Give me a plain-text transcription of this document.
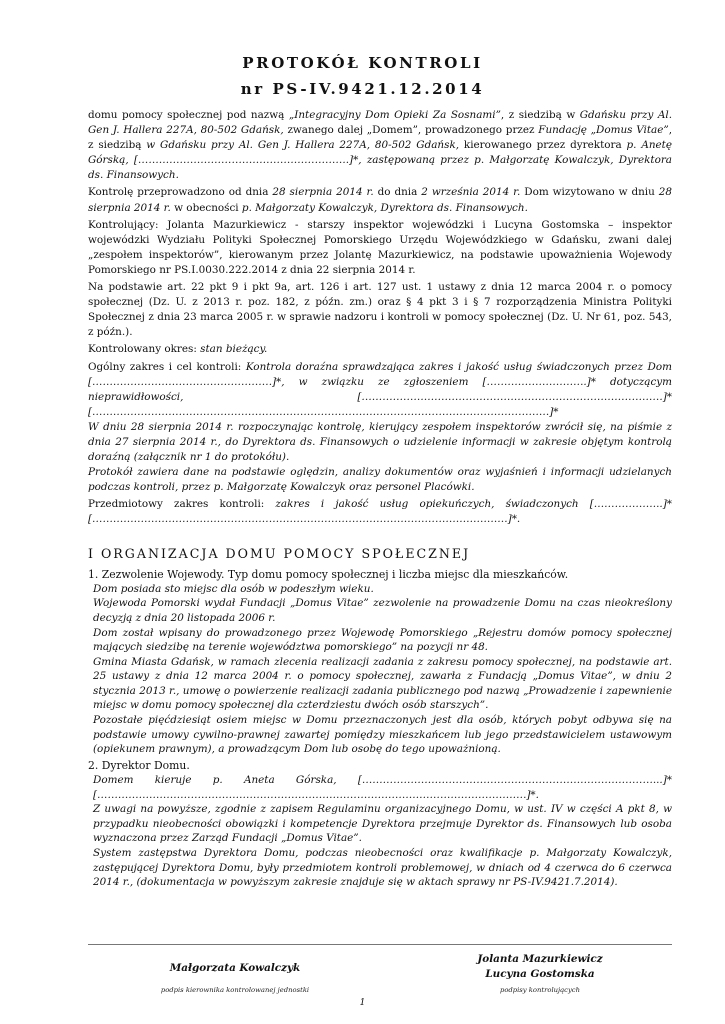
PROTOKÓŁ KONTROLI
nr PS-IV.9421.12.2014

domu pomocy społecznej pod nazwą „Integracyjny Dom Opieki Za Sosnami”, z siedzibą w Gdańsku przy Al. Gen J. Hallera 227A, 80-502 Gdańsk, zwanego dalej „Domem”, prowadzonego przez Fundację „Domus Vitae”, z siedzibą w Gdańsku przy Al. Gen J. Hallera 227A, 80-502 Gdańsk, kierowanego przez dyrektora p. Anetę Górską, […………………………………………………….]*, zastępowaną przez p. Małgorzatę Kowalczyk, Dyrektora ds. Finansowych.

Kontrolę przeprowadzono od dnia 28 sierpnia 2014 r. do dnia 2 września 2014 r. Dom wizytowano w dniu 28 sierpnia 2014 r. w obecności p. Małgorzaty Kowalczyk, Dyrektora ds. Finansowych.

Kontrolujący: Jolanta Mazurkiewicz - starszy inspektor wojewódzki i Lucyna Gostomska – inspektor wojewódzki Wydziału Polityki Społecznej Pomorskiego Urzędu Wojewódzkiego w Gdańsku, zwani dalej „zespołem inspektorów”, kierowanym przez Jolantę Mazurkiewicz, na podstawie upoważnienia Wojewody Pomorskiego nr PS.I.0030.222.2014 z dnia 22 sierpnia 2014 r.

Na podstawie art. 22 pkt 9 i pkt 9a, art. 126 i art. 127 ust. 1 ustawy z dnia 12 marca 2004 r. o pomocy społecznej (Dz. U. z 2013 r. poz. 182, z późn. zm.) oraz § 4 pkt 3 i § 7 rozporządzenia Ministra Polityki Społecznej z dnia 23 marca 2005 r. w sprawie nadzoru i kontroli w pomocy społecznej (Dz. U. Nr 61, poz. 543, z późn.).

Kontrolowany okres: stan bieżący.

Ogólny zakres i cel kontroli: Kontrola doraźna sprawdzająca zakres i jakość usług świadczonych przez Dom […………………………………………….]*, w związku ze zgłoszeniem [………………………..]* dotyczącym nieprawidłowości, [……………………………………………………………………………]* [……………………………………………………………………………………………………………………]*

W dniu 28 sierpnia 2014 r. rozpoczynając kontrolę, kierujący zespołem inspektorów zwrócił się, na piśmie z dnia 27 sierpnia 2014 r., do Dyrektora ds. Finansowych o udzielenie informacji w zakresie objętym kontrolą doraźną (załącznik nr 1 do protokółu).

Protokół zawiera dane na podstawie oględzin, analizy dokumentów oraz wyjaśnień i informacji udzielanych podczas kontroli, przez p. Małgorzatę Kowalczyk oraz personel Placówki.

Przedmiotowy zakres kontroli: zakres i jakość usług opiekuńczych, świadczonych [………………..]* […………………………………………………………………………………………………………]*.

I ORGANIZACJA DOMU POMOCY SPOŁECZNEJ

1. Zezwolenie Wojewody. Typ domu pomocy społecznej i liczba miejsc dla mieszkańców.

Dom posiada sto miejsc dla osób w podeszłym wieku.

Wojewoda Pomorski wydał Fundacji „Domus Vitae” zezwolenie na prowadzenie Domu na czas nieokreślony decyzją z dnia 20 listopada 2006 r.

Dom został wpisany do prowadzonego przez Wojewodę Pomorskiego „Rejestru domów pomocy społecznej mających siedzibę na terenie województwa pomorskiego” na pozycji nr 48.

Gmina Miasta Gdańsk, w ramach zlecenia realizacji zadania z zakresu pomocy społecznej, na podstawie art. 25 ustawy z dnia 12 marca 2004 r. o pomocy społecznej, zawarła z Fundacją „Domus Vitae”, w dniu 2 stycznia 2013 r., umowę o powierzenie realizacji zadania publicznego pod nazwą „Prowadzenie i zapewnienie miejsc w domu pomocy społecznej dla czterdziestu dwóch osób starszych”.

Pozostałe pięćdziesiąt osiem miejsc w Domu przeznaczonych jest dla osób, których pobyt odbywa się na podstawie umowy cywilno-prawnej zawartej pomiędzy mieszkańcem lub jego przedstawicielem ustawowym (opiekunem prawnym), a prowadzącym Dom lub osobę do tego upoważnioną.

2. Dyrektor Domu.

Domem kieruje p. Aneta Górska, […………………………………………………………………………...]* […………………………………………………………………………………………………………….]*.

Z uwagi na powyższe, zgodnie z zapisem Regulaminu organizacyjnego Domu, w ust. IV w części A pkt 8, w przypadku nieobecności obowiązki i kompetencje Dyrektora przejmuje Dyrektor ds. Finansowych lub osoba wyznaczona przez Zarząd Fundacji „Domus Vitae”.

System zastępstwa Dyrektora Domu, podczas nieobecności oraz kwalifikacje p. Małgorzaty Kowalczyk, zastępującej Dyrektora Domu, były przedmiotem kontroli problemowej, w dniach od 4 czerwca do 6 czerwca 2014 r., (dokumentacja w powyższym zakresie znajduje się w aktach sprawy nr PS-IV.9421.7.2014).

Małgorzata Kowalczyk
podpis kierownika kontrolowanej jednostki
Jolanta Mazurkiewicz
Lucyna Gostomska
podpisy kontrolujących
1
